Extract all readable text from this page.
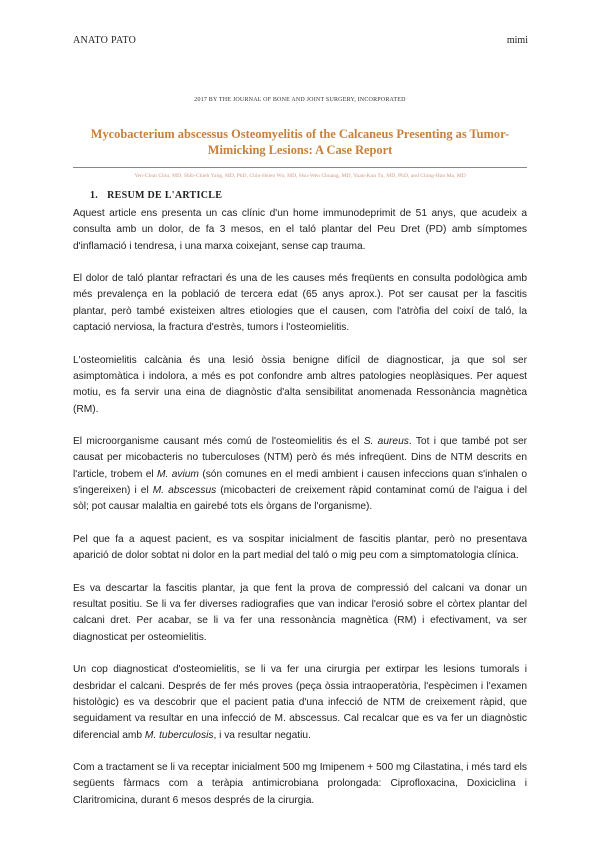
ANATO PATO	mimi
2017 BY THE JOURNAL OF BONE AND JOINT SURGERY, INCORPORATED
Mycobacterium abscessus Osteomyelitis of the Calcaneus Presenting as Tumor-Mimicking Lesions: A Case Report
Yen-Chun Chiu, MD, Shih-Chieh Yang, MD, PhD, Chin-Hsien Wu, MD, Hsu-Wen Chuang, MD, Yuan-Kun Tu, MD, PhD, and Ching-Han Ma, MD
1. RESUM DE L'ARTICLE

Aquest article ens presenta un cas clínic d'un home immunodeprimit de 51 anys, que acudeix a consulta amb un dolor, de fa 3 mesos, en el taló plantar del Peu Dret (PD) amb símptomes d'inflamació i tendresa, i una marxa coixejant, sense cap trauma.

El dolor de taló plantar refractari és una de les causes més freqüents en consulta podològica amb més prevalença en la població de tercera edat (65 anys aprox.). Pot ser causat per la fascitis plantar, però també existeixen altres etiologies que el causen, com l'atròfia del coixí de taló, la captació nerviosa, la fractura d'estrès, tumors i l'osteomielitis.

L'osteomielitis calcània és una lesió òssia benigne difícil de diagnosticar, ja que sol ser asimptomàtica i indolora, a més es pot confondre amb altres patologies neoplàsiques. Per aquest motiu, es fa servir una eina de diagnòstic d'alta sensibilitat anomenada Ressonància magnètica (RM).

El microorganisme causant més comú de l'osteomielitis és el S. aureus. Tot i que també pot ser causat per micobacteris no tuberculoses (NTM) però és més infreqüent. Dins de NTM descrits en l'article, trobem el M. avium (són comunes en el medi ambient i causen infeccions quan s'inhalen o s'ingereixen) i el M. abscessus (micobacteri de creixement ràpid contaminat comú de l'aigua i del sòl; pot causar malaltia en gairebé tots els òrgans de l'organisme).

Pel que fa a aquest pacient, es va sospitar inicialment de fascitis plantar, però no presentava aparició de dolor sobtat ni dolor en la part medial del taló o mig peu com a simptomatologia clínica.

Es va descartar la fascitis plantar, ja que fent la prova de compressió del calcani va donar un resultat positiu. Se li va fer diverses radiografies que van indicar l'erosió sobre el còrtex plantar del calcani dret. Per acabar, se li va fer una ressonància magnètica (RM) i efectivament, va ser diagnosticat per osteomielitis.

Un cop diagnosticat d'osteomielitis, se li va fer una cirurgia per extirpar les lesions tumorals i desbridar el calcani. Després de fer més proves (peça òssia intraoperatòria, l'espècimen i l'examen histològic) es va descobrir que el pacient patia d'una infecció de NTM de creixement ràpid, que seguidament va resultar en una infecció de M. abscessus. Cal recalcar que es va fer un diagnòstic diferencial amb M. tuberculosis, i va resultar negatiu.

Com a tractament se li va receptar inicialment 500 mg Imipenem + 500 mg Cilastatina, i més tard els següents fàrmacs com a teràpia antimicrobiana prolongada: Ciprofloxacina, Doxiciclina i Claritromicina, durant 6 mesos després de la cirurgia.
